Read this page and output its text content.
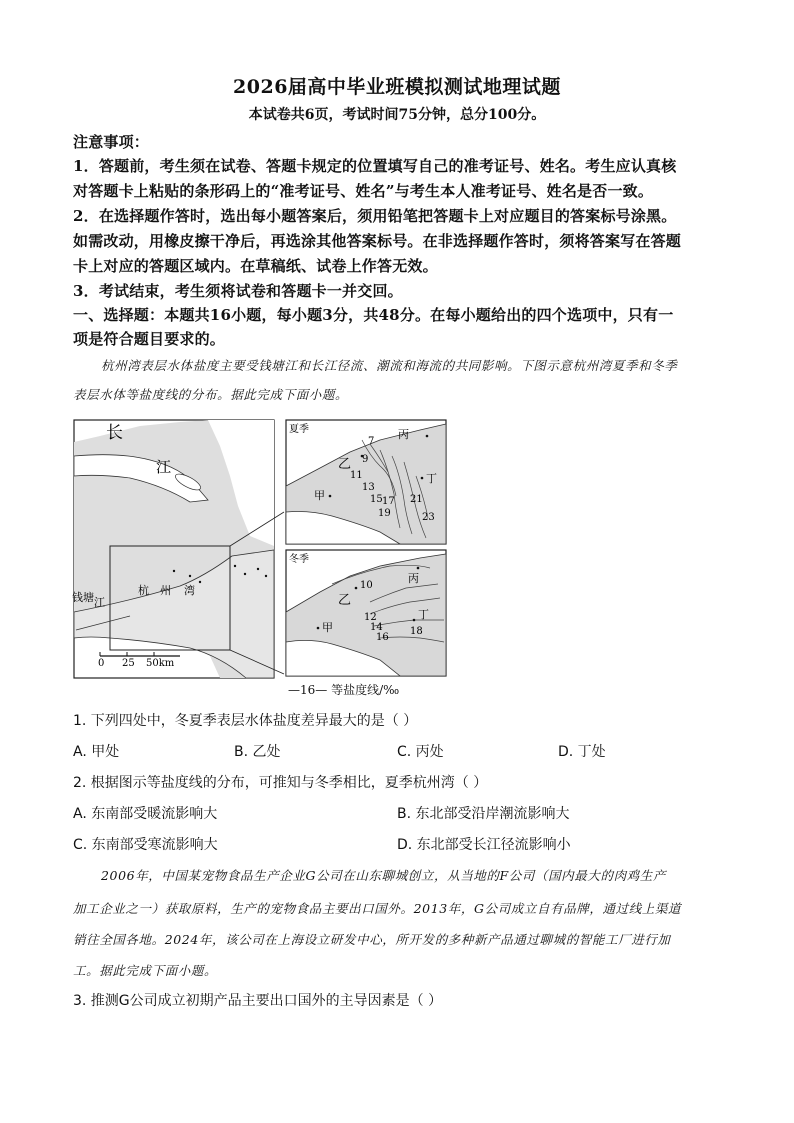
2026届高中毕业班模拟测试地理试题
本试卷共6页，考试时间75分钟，总分100分。
注意事项：
1．答题前，考生须在试卷、答题卡规定的位置填写自己的准考证号、姓名。考生应认真核
对答题卡上粘贴的条形码上的“准考证号、姓名”与考生本人准考证号、姓名是否一致。
2．在选择题作答时，选出每小题答案后，须用铅笔把答题卡上对应题目的答案标号涂黑。
如需改动，用橡皮擦干净后，再选涂其他答案标号。在非选择题作答时，须将答案写在答题
卡上对应的答题区域内。在草稿纸、试卷上作答无效。
3．考试结束，考生须将试卷和答题卡一并交回。
一、选择题：本题共16小题，每小题3分，共48分。在每小题给出的四个选项中，只有一
项是符合题目要求的。
杭州湾表层水体盐度主要受钱塘江和长江径流、潮流和海流的共同影响。下图示意杭州湾夏季和冬季
表层水体等盐度线的分布。据此完成下面小题。
长
江
钱塘 江
杭 州 湾
0 25 50km
夏季	丙
乙
甲
丁
7
9
11
13
15 17
19
21
23
冬季
丙
乙
甲
丁
10
12
14
16
18
—16— 等盐度线/‰
1. 下列四处中，冬夏季表层水体盐度差异最大的是（ ）
A. 甲处	B. 乙处	C. 丙处	D. 丁处
2. 根据图示等盐度线的分布，可推知与冬季相比，夏季杭州湾（ ）
A. 东南部受暖流影响大	B. 东北部受沿岸潮流影响大
C. 东南部受寒流影响大	D. 东北部受长江径流影响小
2006年，中国某宠物食品生产企业G公司在山东聊城创立，从当地的F公司（国内最大的肉鸡生产
加工企业之一）获取原料，生产的宠物食品主要出口国外。2013年，G公司成立自有品牌，通过线上渠道
销往全国各地。2024年，该公司在上海设立研发中心，所开发的多种新产品通过聊城的智能工厂进行加
工。据此完成下面小题。
3. 推测G公司成立初期产品主要出口国外的主导因素是（ ）
